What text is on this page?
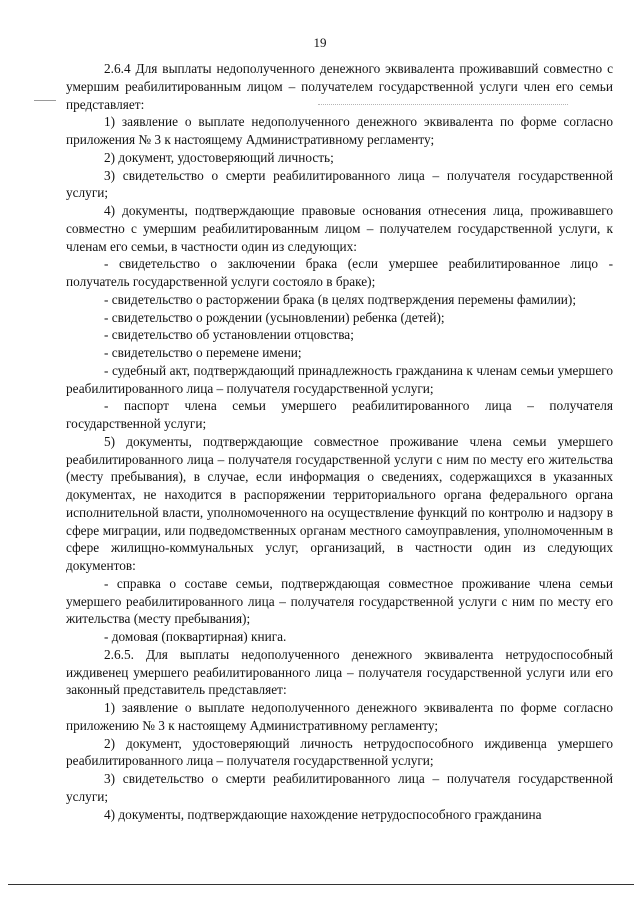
19

2.6.4 Для выплаты недополученного денежного эквивалента проживавший совместно с умершим реабилитированным лицом – получателем государственной услуги член его семьи представляет:

1) заявление о выплате недополученного денежного эквивалента по форме согласно приложения № 3 к настоящему Административному регламенту;

2) документ, удостоверяющий личность;

3) свидетельство о смерти реабилитированного лица – получателя государственной услуги;

4) документы, подтверждающие правовые основания отнесения лица, проживавшего совместно с умершим реабилитированным лицом – получателем государственной услуги, к членам его семьи, в частности один из следующих:

- свидетельство о заключении брака (если умершее реабилитированное лицо - получатель государственной услуги состояло в браке);

- свидетельство о расторжении брака (в целях подтверждения перемены фамилии);

- свидетельство о рождении (усыновлении) ребенка (детей);

- свидетельство об установлении отцовства;

- свидетельство о перемене имени;

- судебный акт, подтверждающий принадлежность гражданина к членам семьи умершего реабилитированного лица – получателя государственной услуги;

- паспорт члена семьи умершего реабилитированного лица – получателя государственной услуги;

5) документы, подтверждающие совместное проживание члена семьи умершего реабилитированного лица – получателя государственной услуги с ним по месту его жительства (месту пребывания), в случае, если информация о сведениях, содержащихся в указанных документах, не находится в распоряжении территориального органа федерального органа исполнительной власти, уполномоченного на осуществление функций по контролю и надзору в сфере миграции, или подведомственных органам местного самоуправления, уполномоченным в сфере жилищно-коммунальных услуг, организаций, в частности один из следующих документов:

- справка о составе семьи, подтверждающая совместное проживание члена семьи умершего реабилитированного лица – получателя государственной услуги с ним по месту его жительства (месту пребывания);

- домовая (поквартирная) книга.

2.6.5. Для выплаты недополученного денежного эквивалента нетрудоспособный иждивенец умершего реабилитированного лица – получателя государственной услуги или его законный представитель представляет:

1) заявление о выплате недополученного денежного эквивалента по форме согласно приложению № 3 к настоящему Административному регламенту;

2) документ, удостоверяющий личность нетрудоспособного иждивенца умершего реабилитированного лица – получателя государственной услуги;

3) свидетельство о смерти реабилитированного лица – получателя государственной услуги;

4) документы, подтверждающие нахождение нетрудоспособного гражданина
